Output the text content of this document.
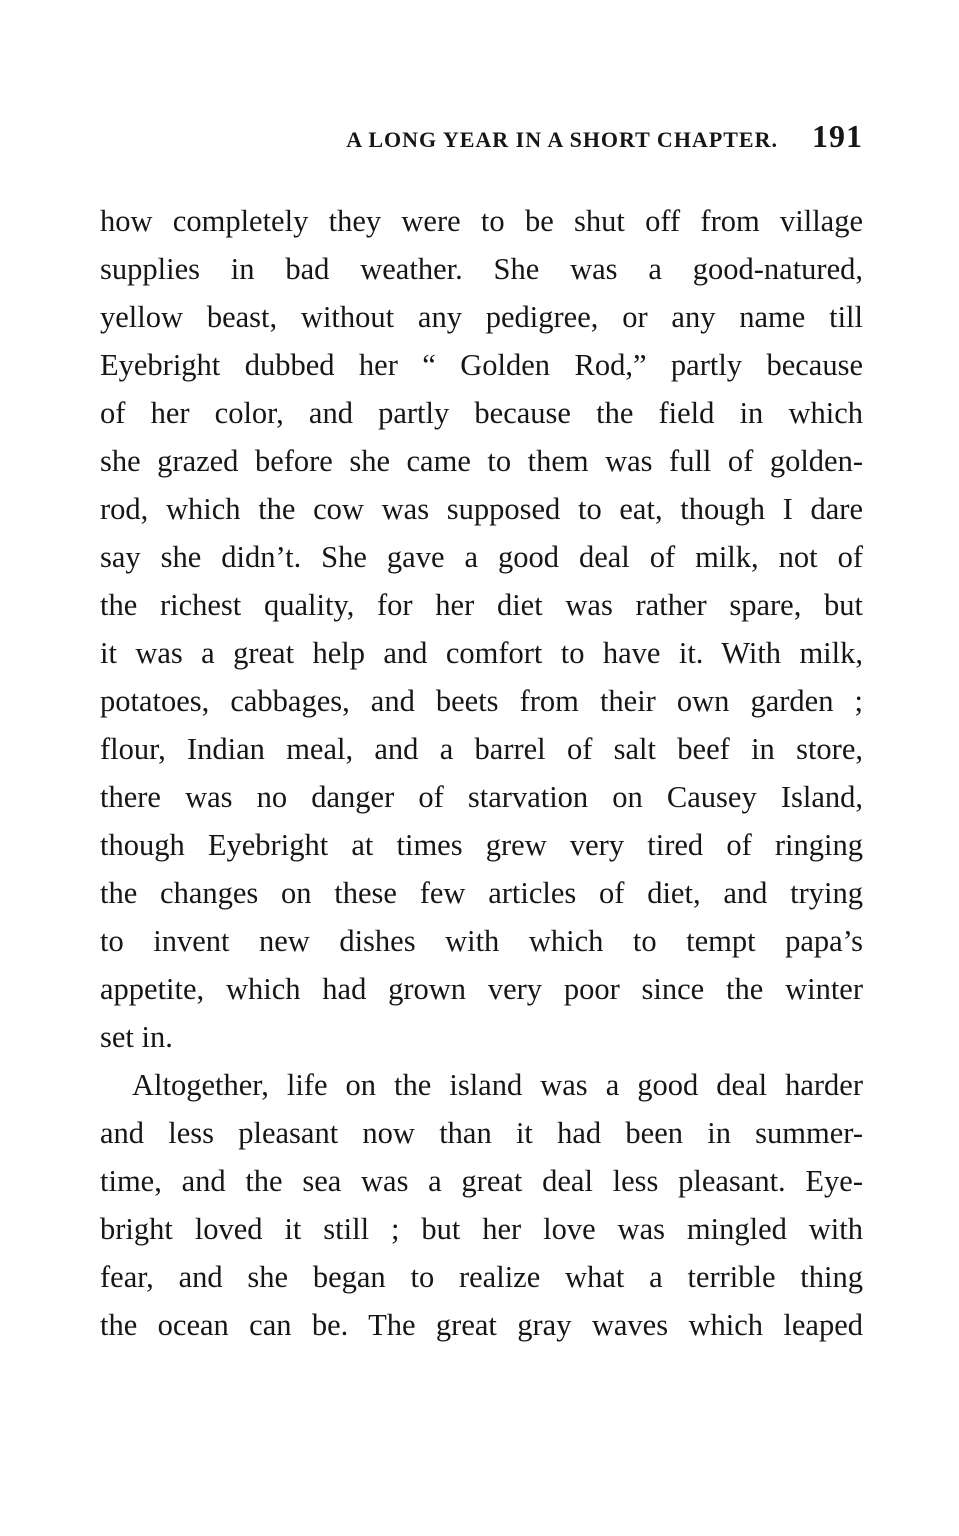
A LONG YEAR IN A SHORT CHAPTER. 191
how completely they were to be shut off from village
supplies in bad weather. She was a good-natured,
yellow beast, without any pedigree, or any name till
Eyebright dubbed her “ Golden Rod,” partly because
of her color, and partly because the field in which
she grazed before she came to them was full of golden-
rod, which the cow was supposed to eat, though I dare
say she didn’t. She gave a good deal of milk, not of
the richest quality, for her diet was rather spare, but
it was a great help and comfort to have it. With milk,
potatoes, cabbages, and beets from their own garden ;
flour, Indian meal, and a barrel of salt beef in store,
there was no danger of starvation on Causey Island,
though Eyebright at times grew very tired of ringing
the changes on these few articles of diet, and trying
to invent new dishes with which to tempt papa’s
appetite, which had grown very poor since the winter
set in.
Altogether, life on the island was a good deal harder
and less pleasant now than it had been in summer-
time, and the sea was a great deal less pleasant. Eye-
bright loved it still ; but her love was mingled with
fear, and she began to realize what a terrible thing
the ocean can be. The great gray waves which leaped
